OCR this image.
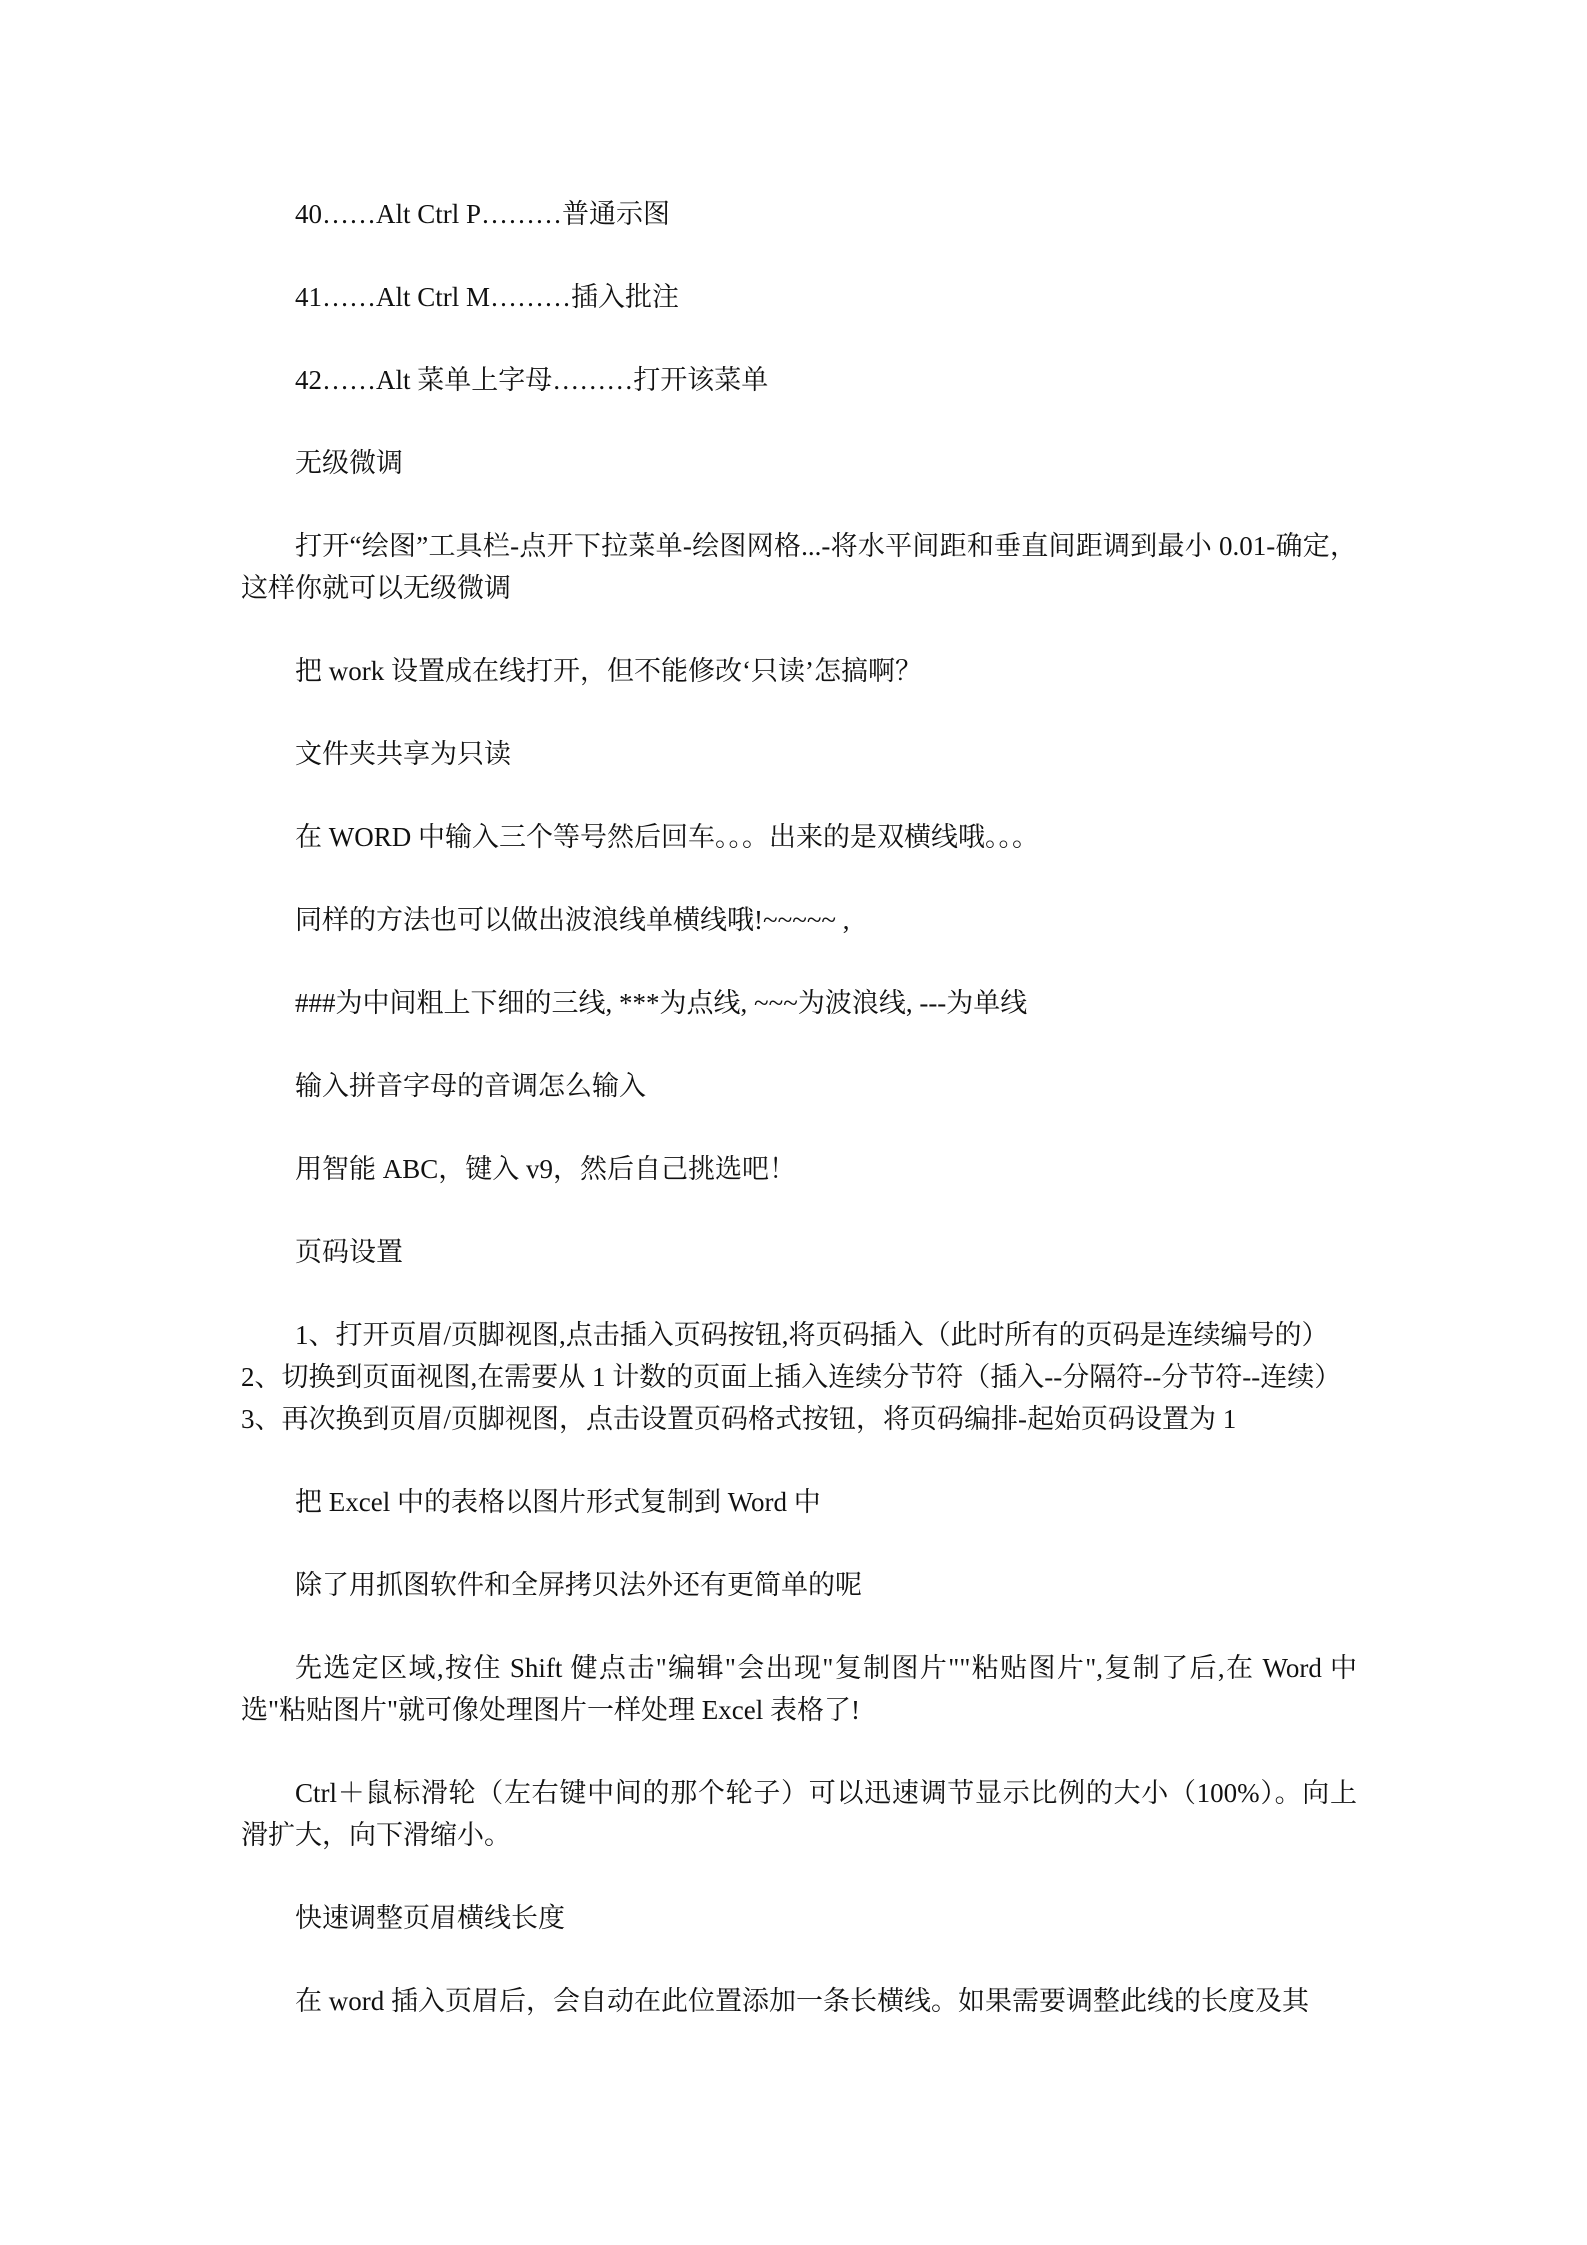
40……Alt Ctrl P………普通示图

41……Alt Ctrl M………插入批注

42……Alt 菜单上字母………打开该菜单

无级微调

打开“绘图”工具栏-点开下拉菜单-绘图网格...-将水平间距和垂直间距调到最小 0.01-确定，这样你就可以无级微调

把 work 设置成在线打开，但不能修改‘只读’怎搞啊？

文件夹共享为只读

在 WORD 中输入三个等号然后回车。。。出来的是双横线哦。。。

同样的方法也可以做出波浪线单横线哦!~~~~~ ,

###为中间粗上下细的三线, ***为点线, ~~~为波浪线, ---为单线

输入拼音字母的音调怎么输入

用智能 ABC，键入 v9，然后自己挑选吧！

页码设置

1、打开页眉/页脚视图,点击插入页码按钮,将页码插入（此时所有的页码是连续编号的）

2、切换到页面视图,在需要从 1 计数的页面上插入连续分节符（插入--分隔符--分节符--连续）

3、再次换到页眉/页脚视图，点击设置页码格式按钮，将页码编排-起始页码设置为 1

把 Excel 中的表格以图片形式复制到 Word 中

除了用抓图软件和全屏拷贝法外还有更简单的呢

先选定区域,按住 Shift 健点击"编辑"会出现"复制图片""粘贴图片",复制了后,在 Word 中选"粘贴图片"就可像处理图片一样处理 Excel 表格了!

Ctrl＋鼠标滑轮（左右键中间的那个轮子）可以迅速调节显示比例的大小（100%）。向上滑扩大，向下滑缩小。

快速调整页眉横线长度

在 word 插入页眉后，会自动在此位置添加一条长横线。如果需要调整此线的长度及其
